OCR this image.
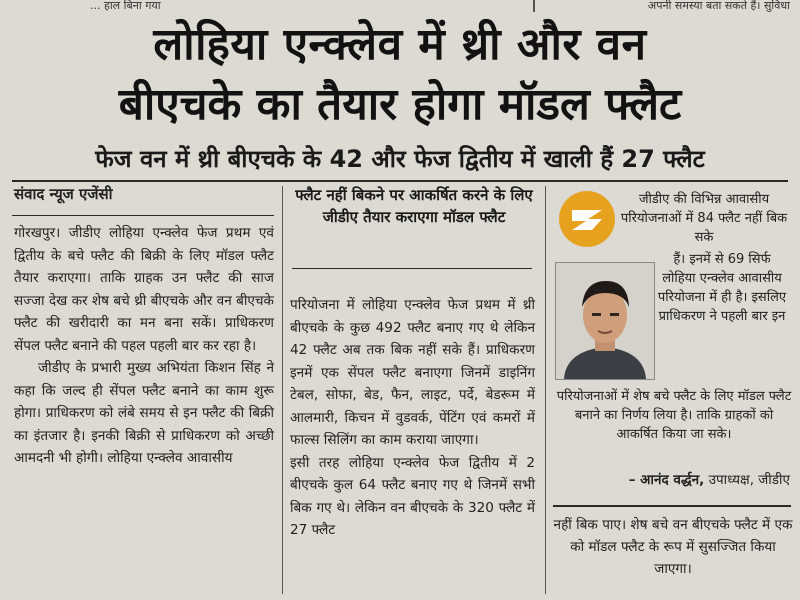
... हाल बिना गया	अपनी समस्या बता सकते हैं। सुविधा
लोहिया एन्क्लेव में थ्री और वन
बीएचके का तैयार होगा मॉडल फ्लैट
फेज वन में थ्री बीएचके के 42 और फेज द्वितीय में खाली हैं 27 फ्लैट
संवाद न्यूज एजेंसी

गोरखपुर। जीडीए लोहिया एन्क्लेव फेज प्रथम एवं द्वितीय के बचे फ्लैट की बिक्री के लिए मॉडल फ्लैट तैयार कराएगा। ताकि ग्राहक उन फ्लैट की साज सज्जा देख कर शेष बचे थ्री बीएचके और वन बीएचके फ्लैट की खरीदारी का मन बना सकें। प्राधिकरण सेंपल फ्लैट बनाने की पहल पहली बार कर रहा है।

जीडीए के प्रभारी मुख्य अभियंता किशन सिंह ने कहा कि जल्द ही सेंपल फ्लैट बनाने का काम शुरू होगा। प्राधिकरण को लंबे समय से इन फ्लैट की बिक्री का इंतजार है। इनकी बिक्री से प्राधिकरण को अच्छी आमदनी भी होगी। लोहिया एन्क्लेव आवासीय

फ्लैट नहीं बिकने पर आकर्षित करने के लिए जीडीए तैयार कराएगा मॉडल फ्लैट

परियोजना में लोहिया एन्क्लेव फेज प्रथम में थ्री बीएचके के कुछ 492 फ्लैट बनाए गए थे लेकिन 42 फ्लैट अब तक बिक नहीं सके हैं। प्राधिकरण इनमें एक सेंपल फ्लैट बनाएगा जिनमें डाइनिंग टेबल, सोफा, बेड, फैन, लाइट, पर्दे, बेडरूम में आलमारी, किचन में वुडवर्क, पेंटिंग एवं कमरों में फाल्स सिलिंग का काम कराया जाएगा।

इसी तरह लोहिया एन्क्लेव फेज द्वितीय में 2 बीएचके कुल 64 फ्लैट बनाए गए थे जिनमें सभी बिक गए थे। लेकिन वन बीएचके के 320 फ्लैट में 27 फ्लैट

जीडीए की विभिन्न आवासीय परियोजनाओं में 84 फ्लैट नहीं बिक सके
हैं। इनमें से 69 सिर्फ लोहिया एन्क्लेव आवासीय परियोजना में ही है। इसलिए प्राधिकरण ने पहली बार इन
परियोजनाओं में शेष बचे फ्लैट के लिए मॉडल फ्लैट बनाने का निर्णय लिया है। ताकि ग्राहकों को आकर्षित किया जा सके।
– आनंद वर्द्धन, उपाध्यक्ष, जीडीए
नहीं बिक पाए। शेष बचे वन बीएचके फ्लैट में एक को मॉडल फ्लैट के रूप में सुसज्जित किया जाएगा।
